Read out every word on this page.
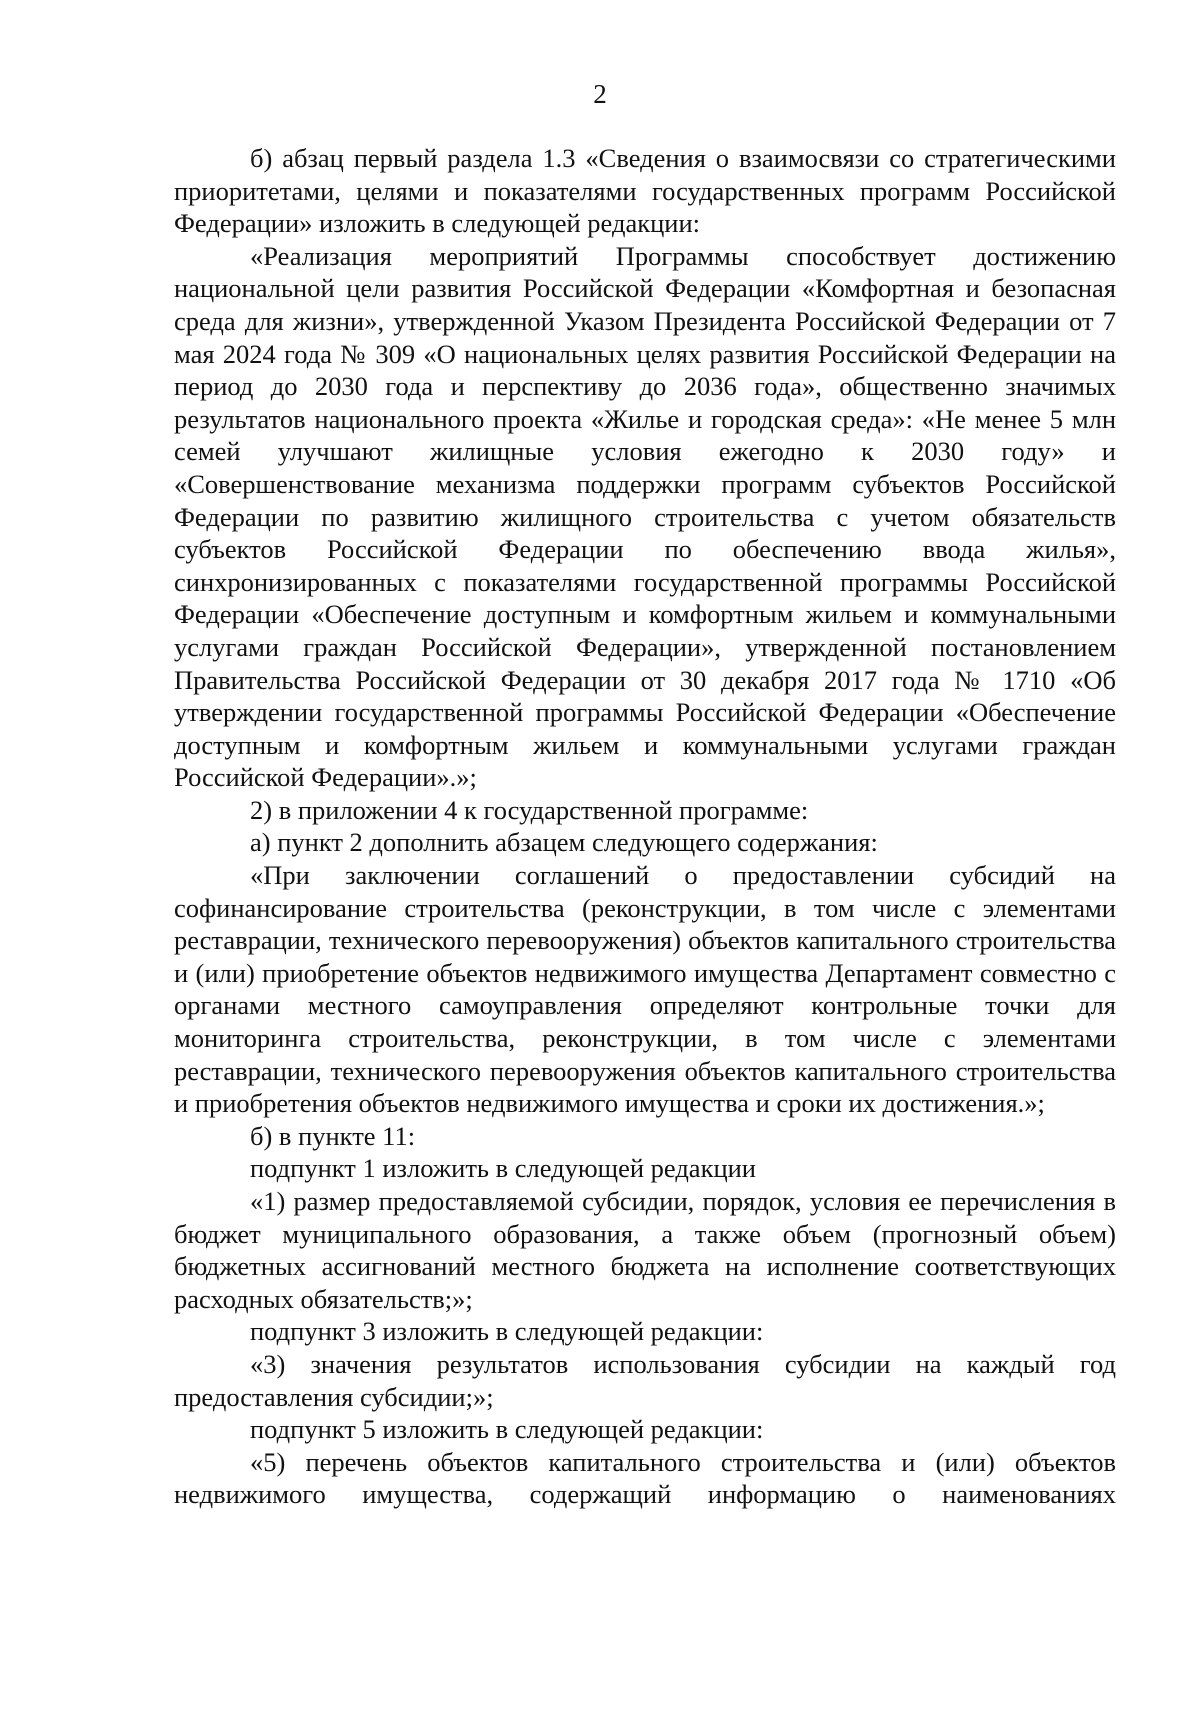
2

б) абзац первый раздела 1.3 «Сведения о взаимосвязи со стратегическими приоритетами, целями и показателями государственных программ Российской Федерации» изложить в следующей редакции:

«Реализация мероприятий Программы способствует достижению национальной цели развития Российской Федерации «Комфортная и безопасная среда для жизни», утвержденной Указом Президента Российской Федерации от 7 мая 2024 года № 309 «О национальных целях развития Российской Федерации на период до 2030 года и перспективу до 2036 года», общественно значимых результатов национального проекта «Жилье и городская среда»: «Не менее 5 млн семей улучшают жилищные условия ежегодно к 2030 году» и «Совершенствование механизма поддержки программ субъектов Российской Федерации по развитию жилищного строительства с учетом обязательств субъектов Российской Федерации по обеспечению ввода жилья», синхронизированных с показателями государственной программы Российской Федерации «Обеспечение доступным и комфортным жильем и коммунальными услугами граждан Российской Федерации», утвержденной постановлением Правительства Российской Федерации от 30 декабря 2017 года № 1710 «Об утверждении государственной программы Российской Федерации «Обеспечение доступным и комфортным жильем и коммунальными услугами граждан Российской Федерации».»;

2) в приложении 4 к государственной программе:

а) пункт 2 дополнить абзацем следующего содержания:

«При заключении соглашений о предоставлении субсидий на софинансирование строительства (реконструкции, в том числе с элементами реставрации, технического перевооружения) объектов капитального строительства и (или) приобретение объектов недвижимого имущества Департамент совместно с органами местного самоуправления определяют контрольные точки для мониторинга строительства, реконструкции, в том числе с элементами реставрации, технического перевооружения объектов капитального строительства и приобретения объектов недвижимого имущества и сроки их достижения.»;

б) в пункте 11:

подпункт 1 изложить в следующей редакции

«1) размер предоставляемой субсидии, порядок, условия ее перечисления в бюджет муниципального образования, а также объем (прогнозный объем) бюджетных ассигнований местного бюджета на исполнение соответствующих расходных обязательств;»;

подпункт 3 изложить в следующей редакции:

«3) значения результатов использования субсидии на каждый год предоставления субсидии;»;

подпункт 5 изложить в следующей редакции:

«5) перечень объектов капитального строительства и (или) объектов недвижимого имущества, содержащий информацию о наименованиях
